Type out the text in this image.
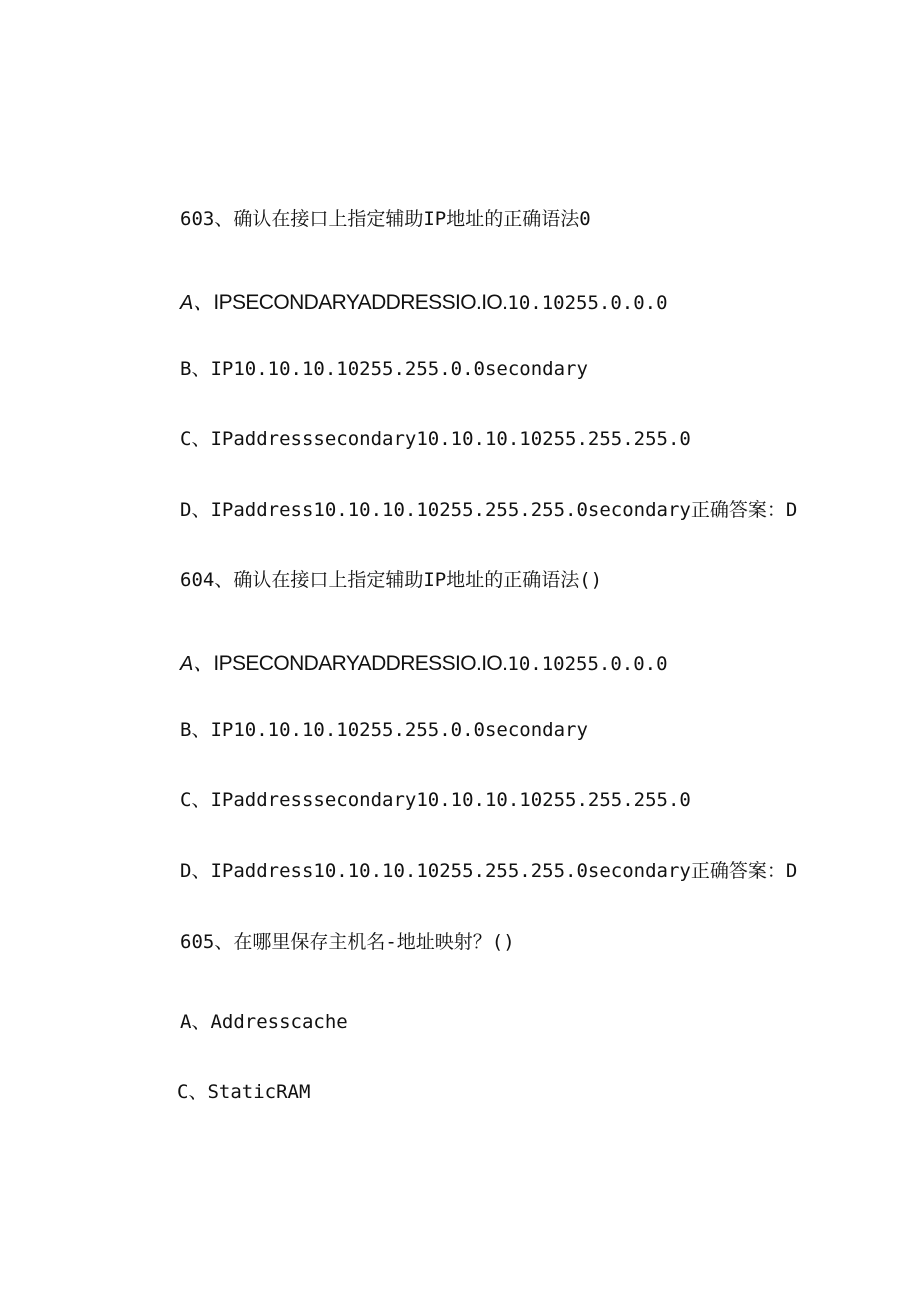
603、确认在接口上指定辅助IP地址的正确语法0
A、IPSECONDARYADDRESSIO.IO.10.10255.0.0.0
B、IP10.10.10.10255.255.0.0secondary
C、IPaddresssecondary10.10.10.10255.255.255.0
D、IPaddress10.10.10.10255.255.255.0secondary正确答案：D
604、确认在接口上指定辅助IP地址的正确语法()
A、IPSECONDARYADDRESSIO.IO.10.10255.0.0.0
B、IP10.10.10.10255.255.0.0secondary
C、IPaddresssecondary10.10.10.10255.255.255.0
D、IPaddress10.10.10.10255.255.255.0secondary正确答案：D
605、在哪里保存主机名-地址映射？()
A、Addresscache
C、StaticRAM
